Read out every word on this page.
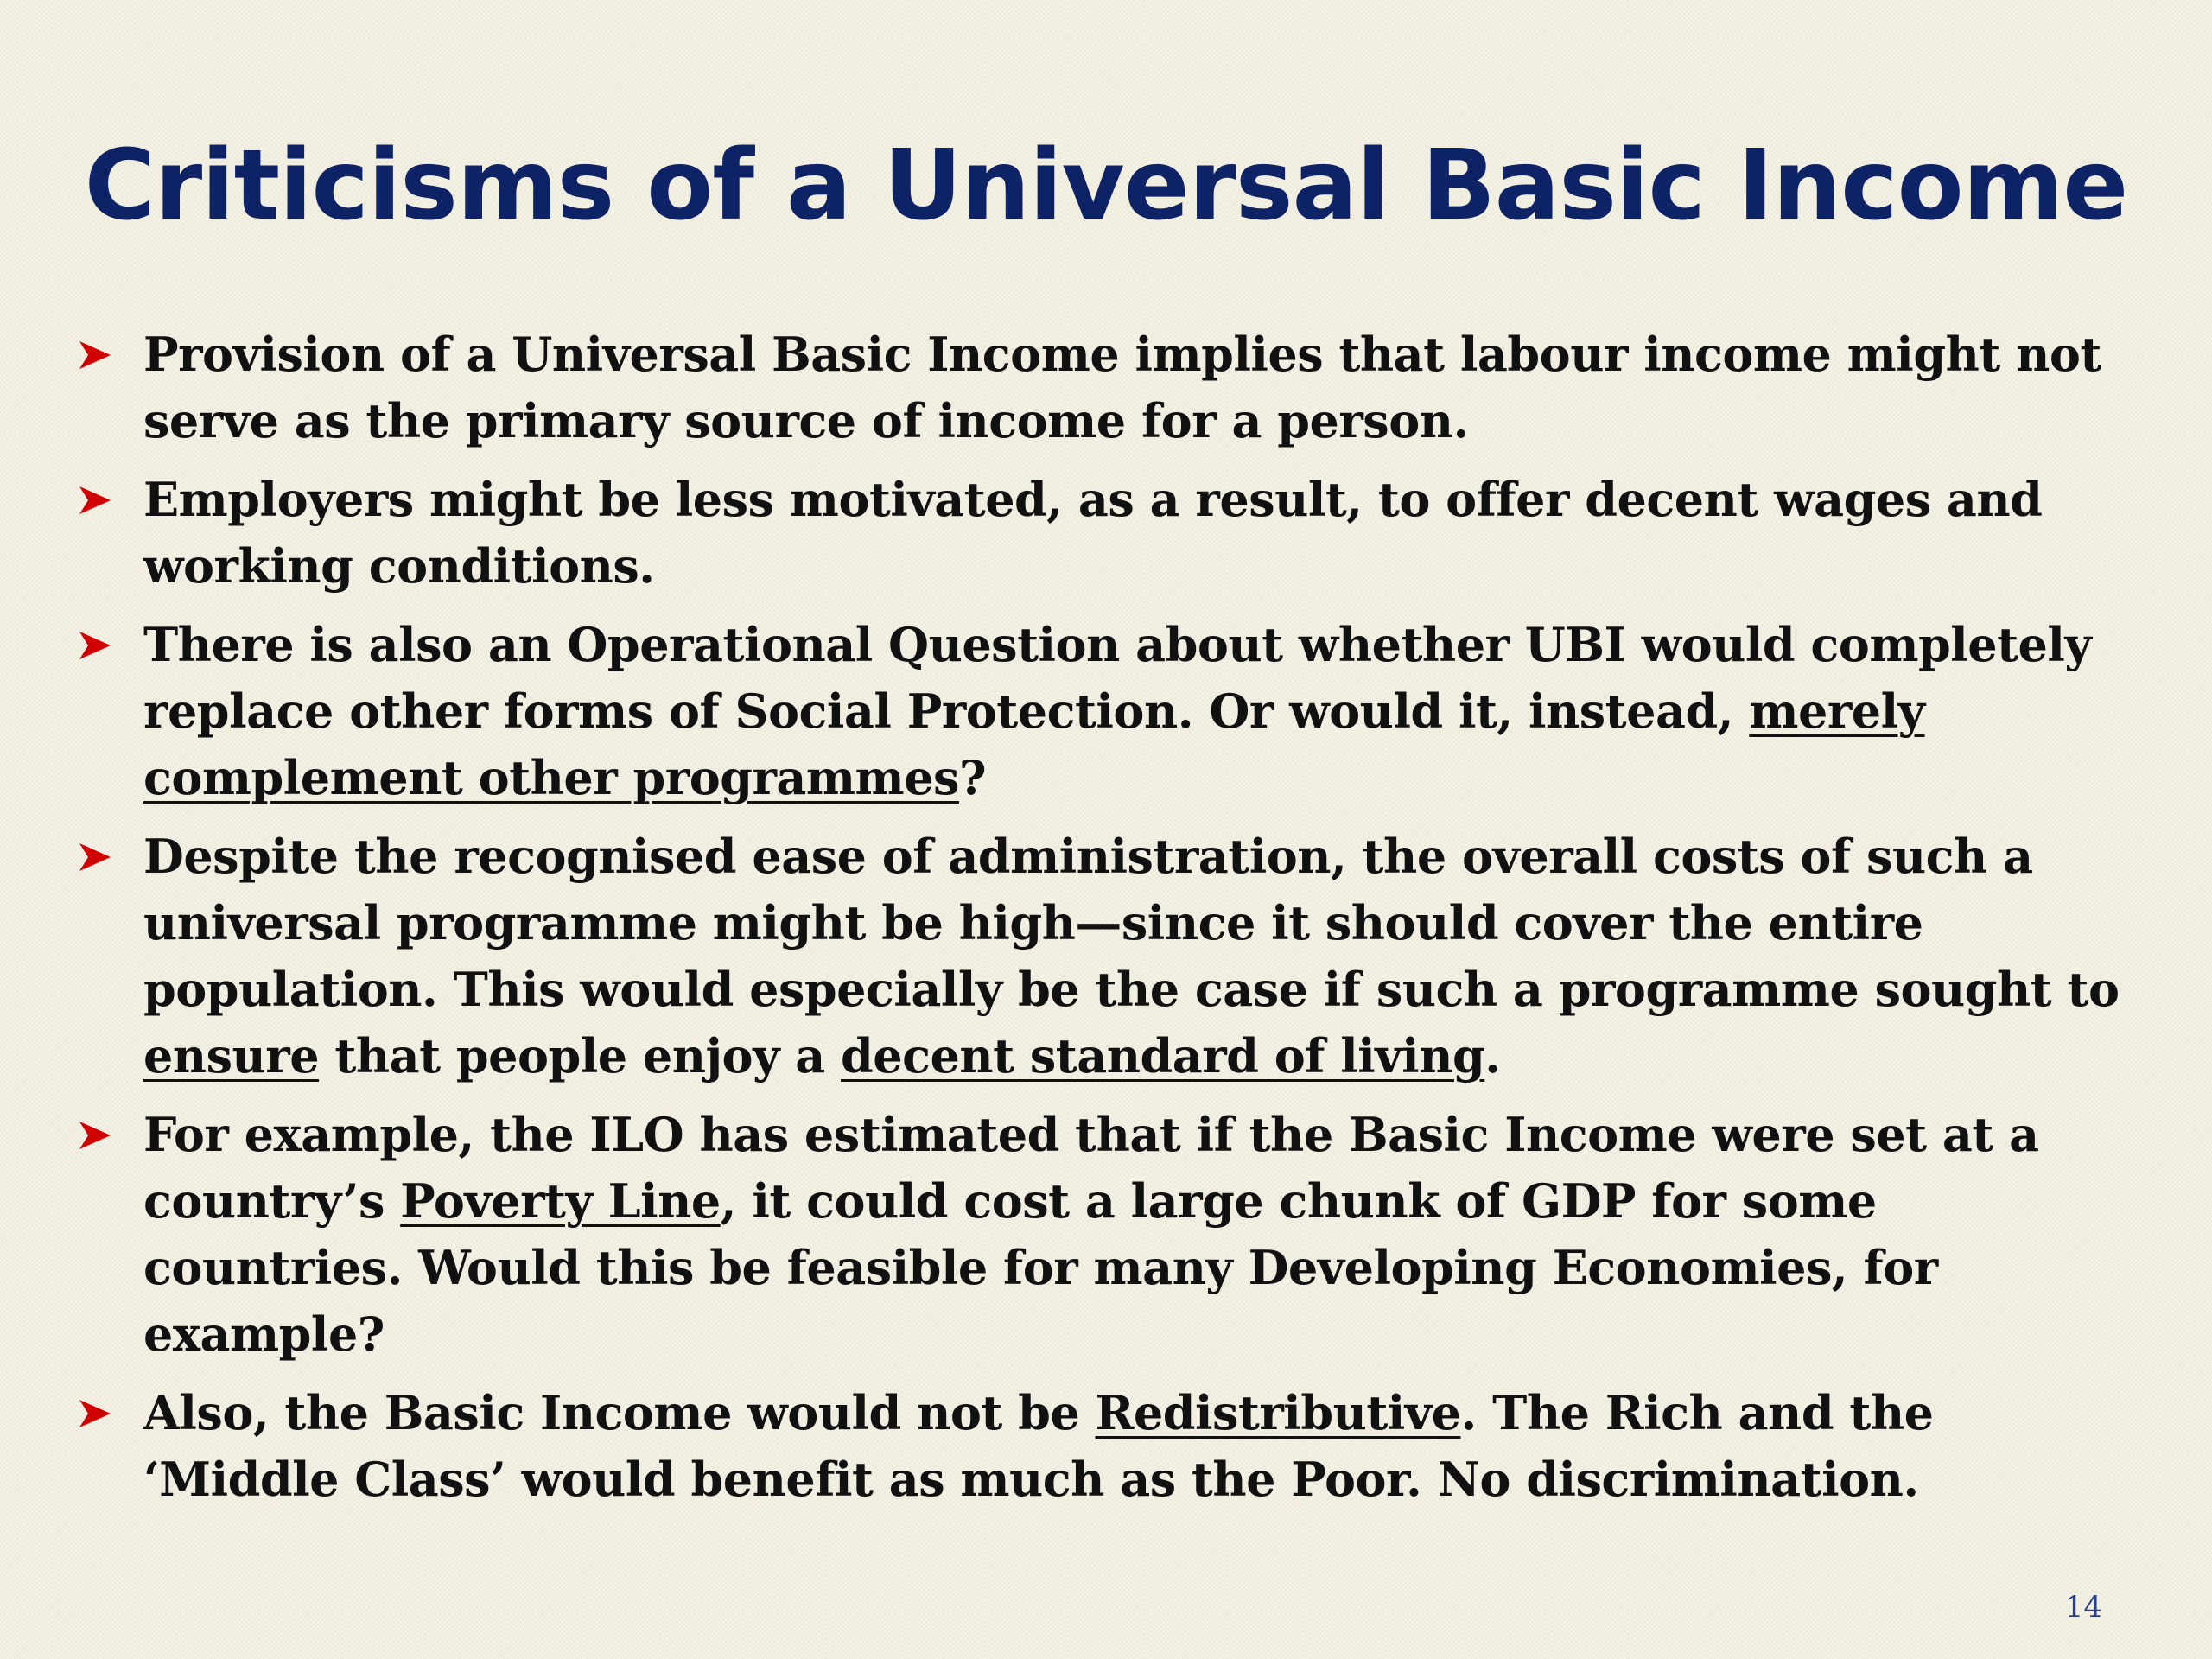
Criticisms of a Universal Basic Income
Provision of a Universal Basic Income implies that labour income might not serve as the primary source of income for a person.
Employers might be less motivated, as a result, to offer decent wages and working conditions.
There is also an Operational Question about whether UBI would completely replace other forms of Social Protection. Or would it, instead, merely complement other programmes?
Despite the recognised ease of administration, the overall costs of such a universal programme might be high—since it should cover the entire population. This would especially be the case if such a programme sought to ensure that people enjoy a decent standard of living.
For example, the ILO has estimated that if the Basic Income were set at a country’s Poverty Line, it could cost a large chunk of GDP for some countries. Would this be feasible for many Developing Economies, for example?
Also, the Basic Income would not be Redistributive. The Rich and the ‘Middle Class’ would benefit as much as the Poor. No discrimination.
14
